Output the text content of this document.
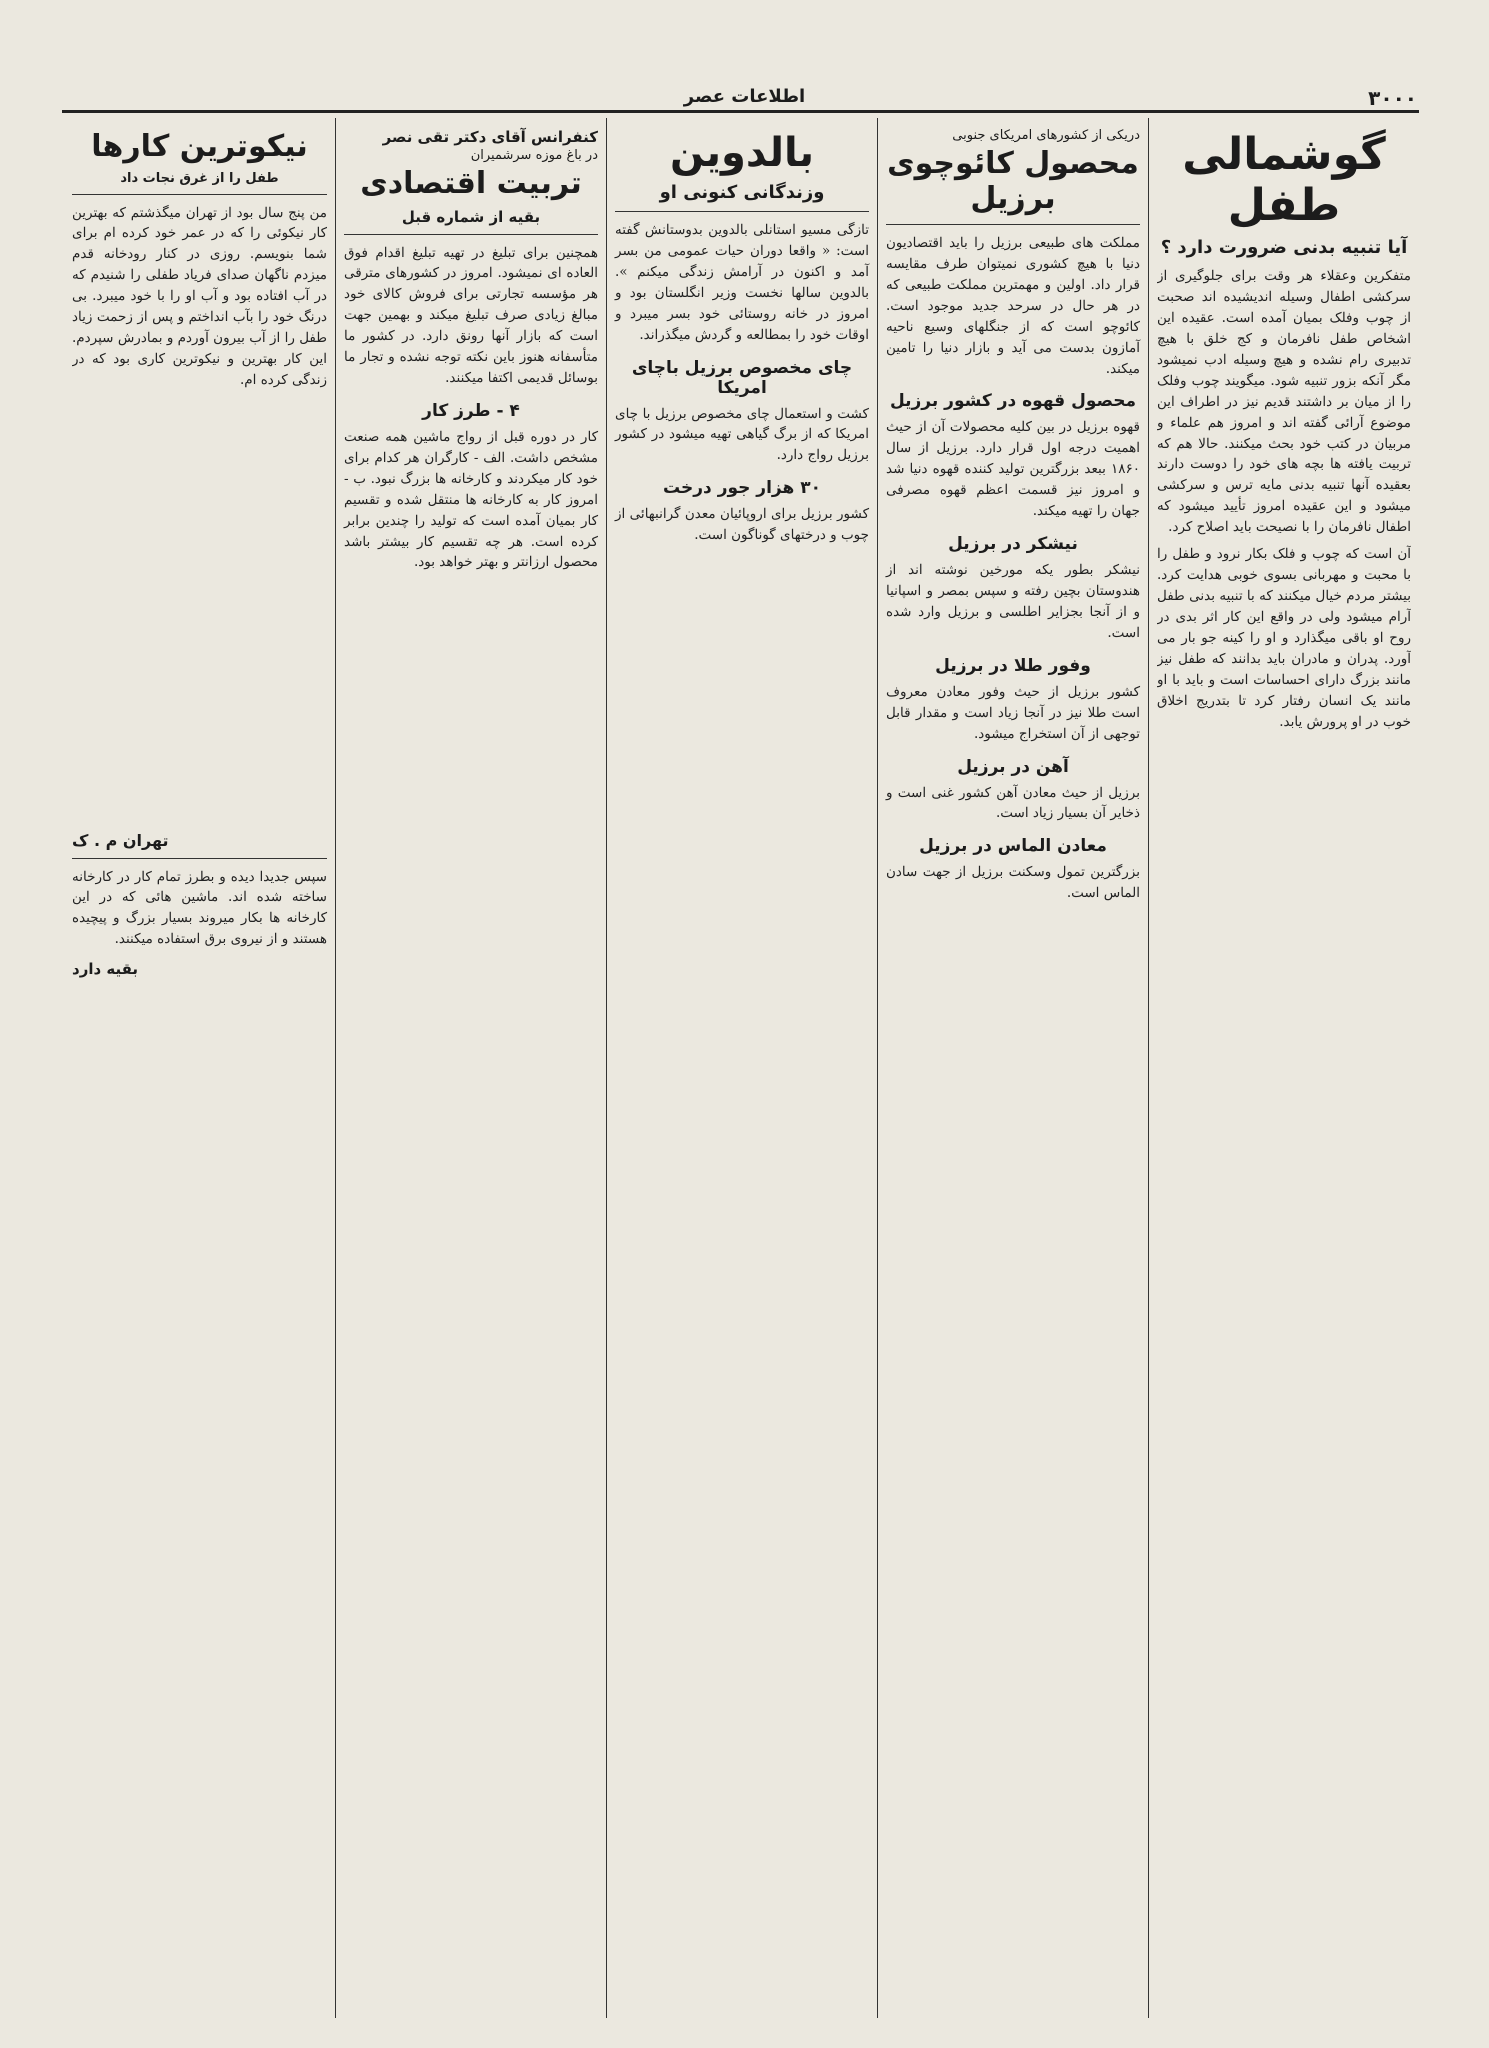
۳۰۰۰
اطلاعات عصر
گوشمالی طفل
آیا تنبیه بدنی ضرورت دارد ؟

متفکرین وعقلاء هر وقت برای جلوگیری از سرکشی اطفال وسیله اندیشیده اند صحبت از چوب وفلک بمیان آمده است. عقیده این اشخاص طفل نافرمان و کج خلق با هیچ تدبیری رام نشده و هیچ وسیله ادب نمیشود مگر آنکه بزور تنبیه شود. میگویند چوب وفلک را از میان بر داشتند قدیم نیز در اطراف این موضوع آرائی گفته اند و امروز هم علماء و مربیان در کتب خود بحث میکنند. حالا هم که تربیت یافته ها بچه های خود را دوست دارند بعقیده آنها تنبیه بدنی مایه ترس و سرکشی میشود و این عقیده امروز تأیید میشود که اطفال نافرمان را با نصیحت باید اصلاح کرد.

آن است که چوب و فلک بکار نرود و طفل را با محبت و مهربانی بسوی خوبی هدایت کرد. بیشتر مردم خیال میکنند که با تنبیه بدنی طفل آرام میشود ولی در واقع این کار اثر بدی در روح او باقی میگذارد و او را کینه جو بار می آورد. پدران و مادران باید بدانند که طفل نیز مانند بزرگ دارای احساسات است و باید با او مانند یک انسان رفتار کرد تا بتدریج اخلاق خوب در او پرورش یابد.

دریکی از کشورهای امریکای جنوبی
محصول کائوچوی برزیل

مملکت های طبیعی برزیل را باید اقتصادیون دنیا با هیچ کشوری نمیتوان طرف مقایسه قرار داد. اولین و مهمترین مملکت طبیعی که در هر حال در سرحد جدید موجود است. کائوچو است که از جنگلهای وسیع ناحیه آمازون بدست می آید و بازار دنیا را تامین میکند.

محصول قهوه در کشور برزیل

قهوه برزیل در بین کلیه محصولات آن از حیث اهمیت درجه اول قرار دارد. برزیل از سال ۱۸۶۰ ببعد بزرگترین تولید کننده قهوه دنیا شد و امروز نیز قسمت اعظم قهوه مصرفی جهان را تهیه میکند.

نیشکر در برزیل

نیشکر بطور یکه مورخین نوشته اند از هندوستان بچین رفته و سپس بمصر و اسپانیا و از آنجا بجزایر اطلسی و برزیل وارد شده است.

وفور طلا در برزیل

کشور برزیل از حیث وفور معادن معروف است طلا نیز در آنجا زیاد است و مقدار قابل توجهی از آن استخراج میشود.

آهن در برزیل

برزیل از حیث معادن آهن کشور غنی است و ذخایر آن بسیار زیاد است.

معادن الماس در برزیل

بزرگترین تمول وسکنت برزیل از جهت سادن الماس است.

بالدوین
وزندگانی کنونی او

تازگی مسیو استانلی بالدوین بدوستانش گفته است: « واقعا دوران حیات عمومی من بسر آمد و اکنون در آرامش زندگی میکنم ». بالدوین سالها نخست وزیر انگلستان بود و امروز در خانه روستائی خود بسر میبرد و اوقات خود را بمطالعه و گردش میگذراند.

چای مخصوص برزیل باچای امریکا

کشت و استعمال چای مخصوص برزیل با چای امریکا که از برگ گیاهی تهیه میشود در کشور برزیل رواج دارد.

۳۰ هزار جور درخت

کشور برزیل برای اروپائیان معدن گرانبهائی از چوب و درختهای گوناگون است.

کنفرانس آقای دکتر تقی نصر
در باغ موزه سرشمیران
تربیت اقتصادی
بقیه از شماره قبل

همچنین برای تبلیغ در تهیه تبلیغ اقدام فوق العاده ای نمیشود. امروز در کشورهای مترقی هر مؤسسه تجارتی برای فروش کالای خود مبالغ زیادی صرف تبلیغ میکند و بهمین جهت است که بازار آنها رونق دارد. در کشور ما متأسفانه هنوز باین نکته توجه نشده و تجار ما بوسائل قدیمی اکتفا میکنند.

۴ - طرز کار

کار در دوره قبل از رواج ماشین همه صنعت مشخص داشت. الف - کارگران هر کدام برای خود کار میکردند و کارخانه ها بزرگ نبود. ب - امروز کار به کارخانه ها منتقل شده و تقسیم کار بمیان آمده است که تولید را چندین برابر کرده است. هر چه تقسیم کار بیشتر باشد محصول ارزانتر و بهتر خواهد بود.

نیکوترین کارها
طفل را از غرق نجات داد

من پنج سال بود از تهران میگذشتم که بهترین کار نیکوئی را که در عمر خود کرده ام برای شما بنویسم. روزی در کنار رودخانه قدم میزدم ناگهان صدای فریاد طفلی را شنیدم که در آب افتاده بود و آب او را با خود میبرد. بی درنگ خود را بآب انداختم و پس از زحمت زیاد طفل را از آب بیرون آوردم و بمادرش سپردم. این کار بهترین و نیکوترین کاری بود که در زندگی کرده ام.

تهران م . ک

سپس جدیدا دیده و بطرز تمام کار در کارخانه ساخته شده اند. ماشین هائی که در این کارخانه ها بکار میروند بسیار بزرگ و پیچیده هستند و از نیروی برق استفاده میکنند.

بقیه دارد
